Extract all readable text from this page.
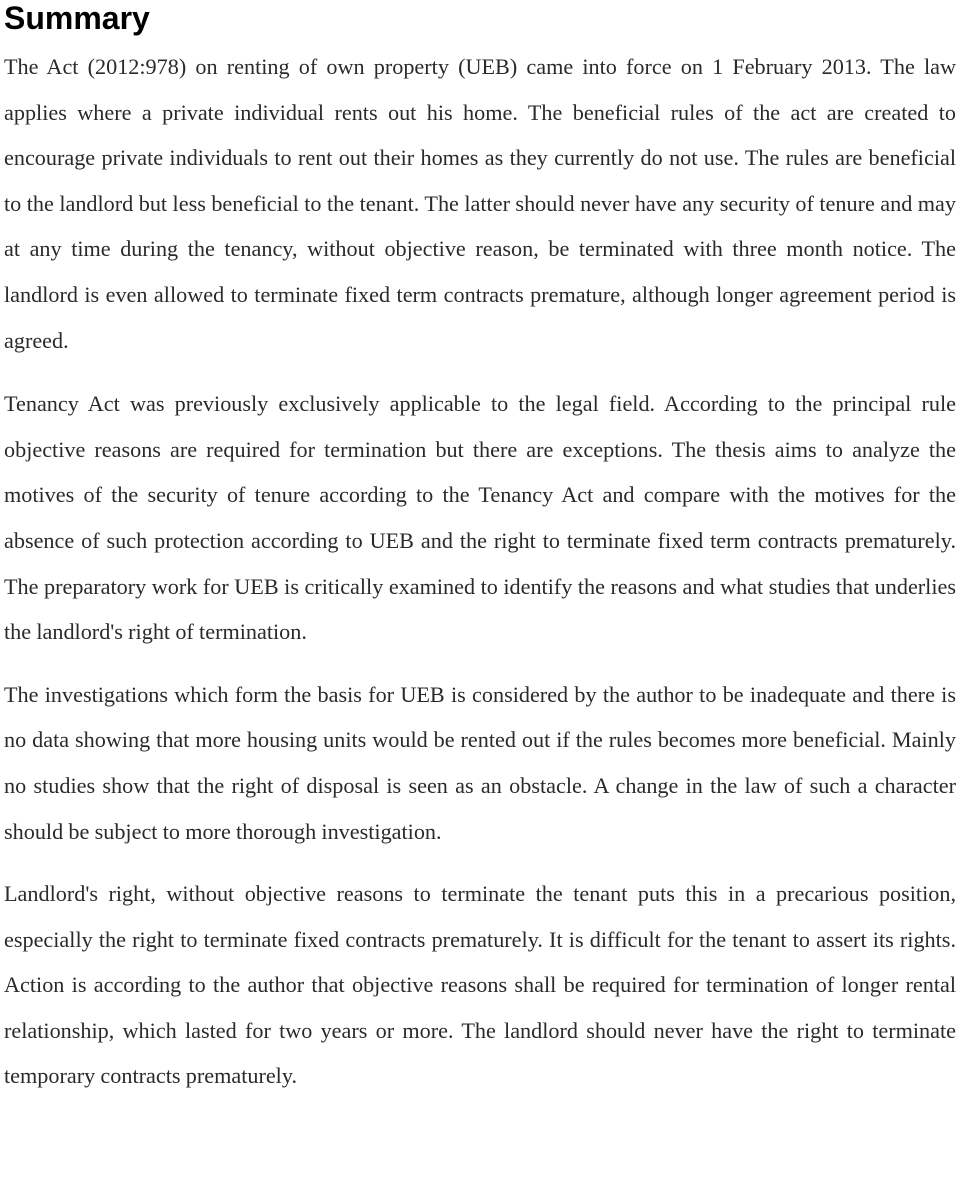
Summary

The Act (2012:978) on renting of own property (UEB) came into force on 1 February 2013. The law applies where a private individual rents out his home. The beneficial rules of the act are created to encourage private individuals to rent out their homes as they currently do not use. The rules are beneficial to the landlord but less beneficial to the tenant. The latter should never have any security of tenure and may at any time during the tenancy, without objective reason, be terminated with three month notice. The landlord is even allowed to terminate fixed term contracts premature, although longer agreement period is agreed.

Tenancy Act was previously exclusively applicable to the legal field. According to the principal rule objective reasons are required for termination but there are exceptions. The thesis aims to analyze the motives of the security of tenure according to the Tenancy Act and compare with the motives for the absence of such protection according to UEB and the right to terminate fixed term contracts prematurely. The preparatory work for UEB is critically examined to identify the reasons and what studies that underlies the landlord's right of termination.

The investigations which form the basis for UEB is considered by the author to be inadequate and there is no data showing that more housing units would be rented out if the rules becomes more beneficial. Mainly no studies show that the right of disposal is seen as an obstacle. A change in the law of such a character should be subject to more thorough investigation.

Landlord's right, without objective reasons to terminate the tenant puts this in a precarious position, especially the right to terminate fixed contracts prematurely. It is difficult for the tenant to assert its rights. Action is according to the author that objective reasons shall be required for termination of longer rental relationship, which lasted for two years or more. The landlord should never have the right to terminate temporary contracts prematurely.
